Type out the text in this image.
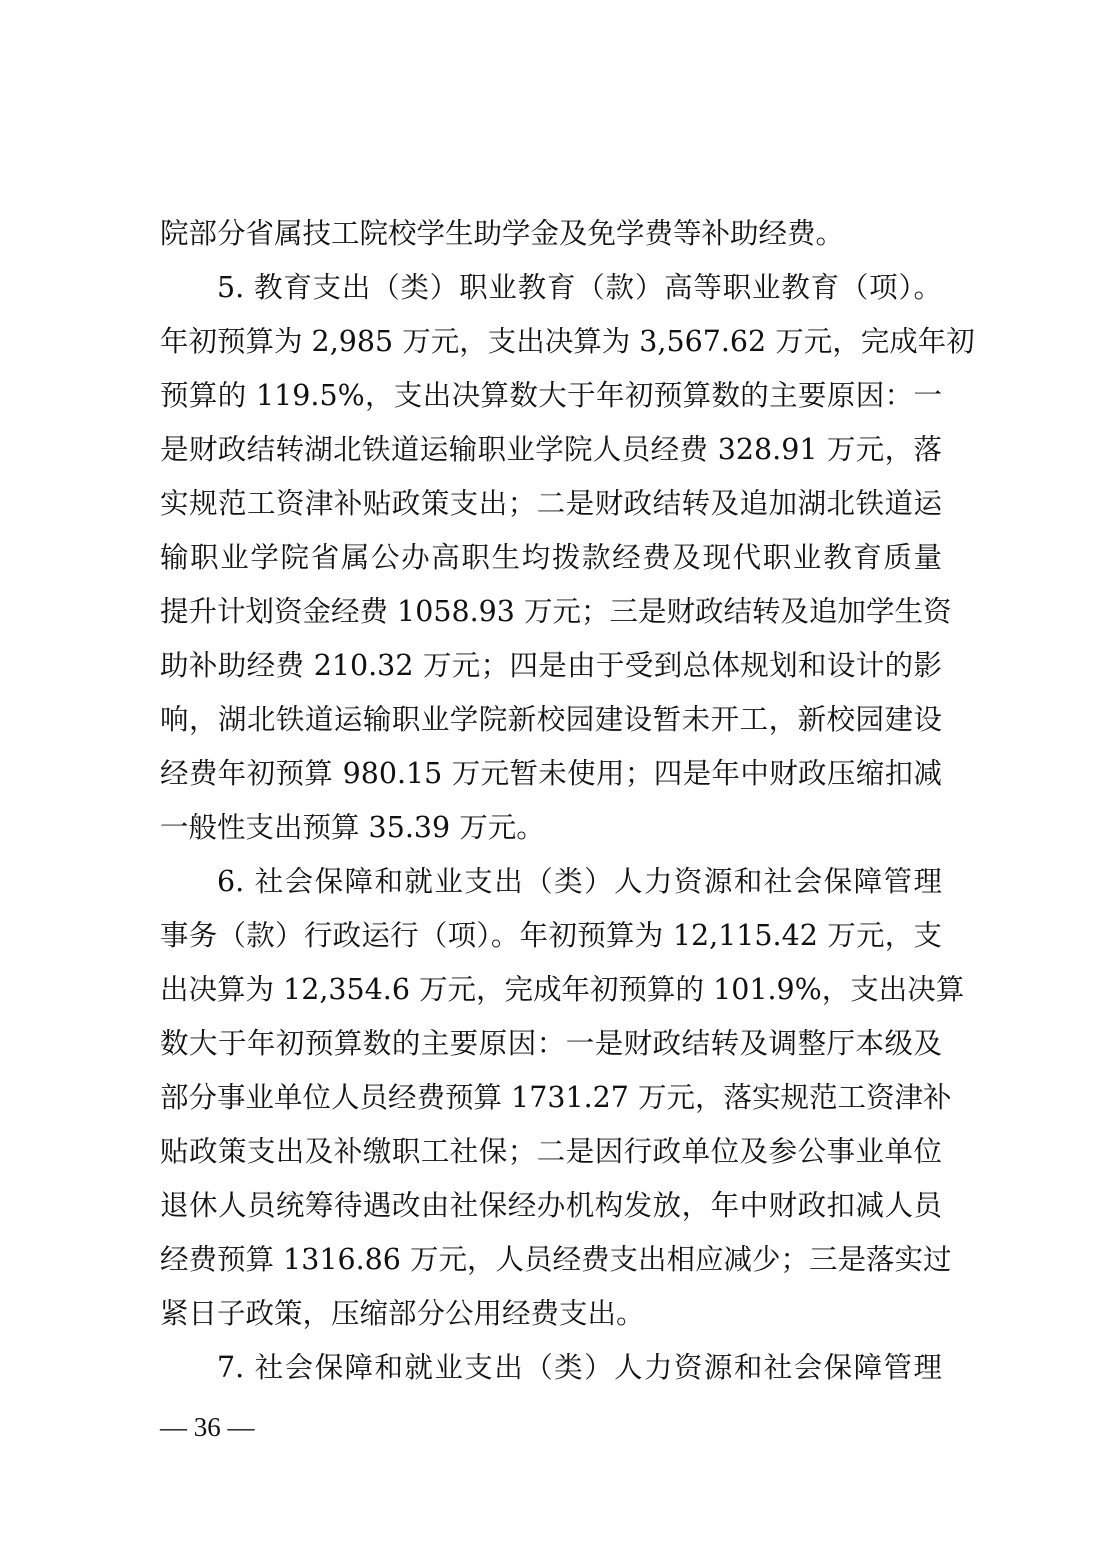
院部分省属技工院校学生助学金及免学费等补助经费。
5. 教育支出（类）职业教育（款）高等职业教育（项）。
年初预算为 2,985 万元，支出决算为 3,567.62 万元，完成年初
预算的 119.5%，支出决算数大于年初预算数的主要原因：一
是财政结转湖北铁道运输职业学院人员经费 328.91 万元，落
实规范工资津补贴政策支出；二是财政结转及追加湖北铁道运
输职业学院省属公办高职生均拨款经费及现代职业教育质量
提升计划资金经费 1058.93 万元；三是财政结转及追加学生资
助补助经费 210.32 万元；四是由于受到总体规划和设计的影
响，湖北铁道运输职业学院新校园建设暂未开工，新校园建设
经费年初预算 980.15 万元暂未使用；四是年中财政压缩扣减
一般性支出预算 35.39 万元。
6. 社会保障和就业支出（类）人力资源和社会保障管理
事务（款）行政运行（项）。年初预算为 12,115.42 万元，支
出决算为 12,354.6 万元，完成年初预算的 101.9%，支出决算
数大于年初预算数的主要原因：一是财政结转及调整厅本级及
部分事业单位人员经费预算 1731.27 万元，落实规范工资津补
贴政策支出及补缴职工社保；二是因行政单位及参公事业单位
退休人员统筹待遇改由社保经办机构发放，年中财政扣减人员
经费预算 1316.86 万元，人员经费支出相应减少；三是落实过
紧日子政策，压缩部分公用经费支出。
7. 社会保障和就业支出（类）人力资源和社会保障管理
— 36 —
